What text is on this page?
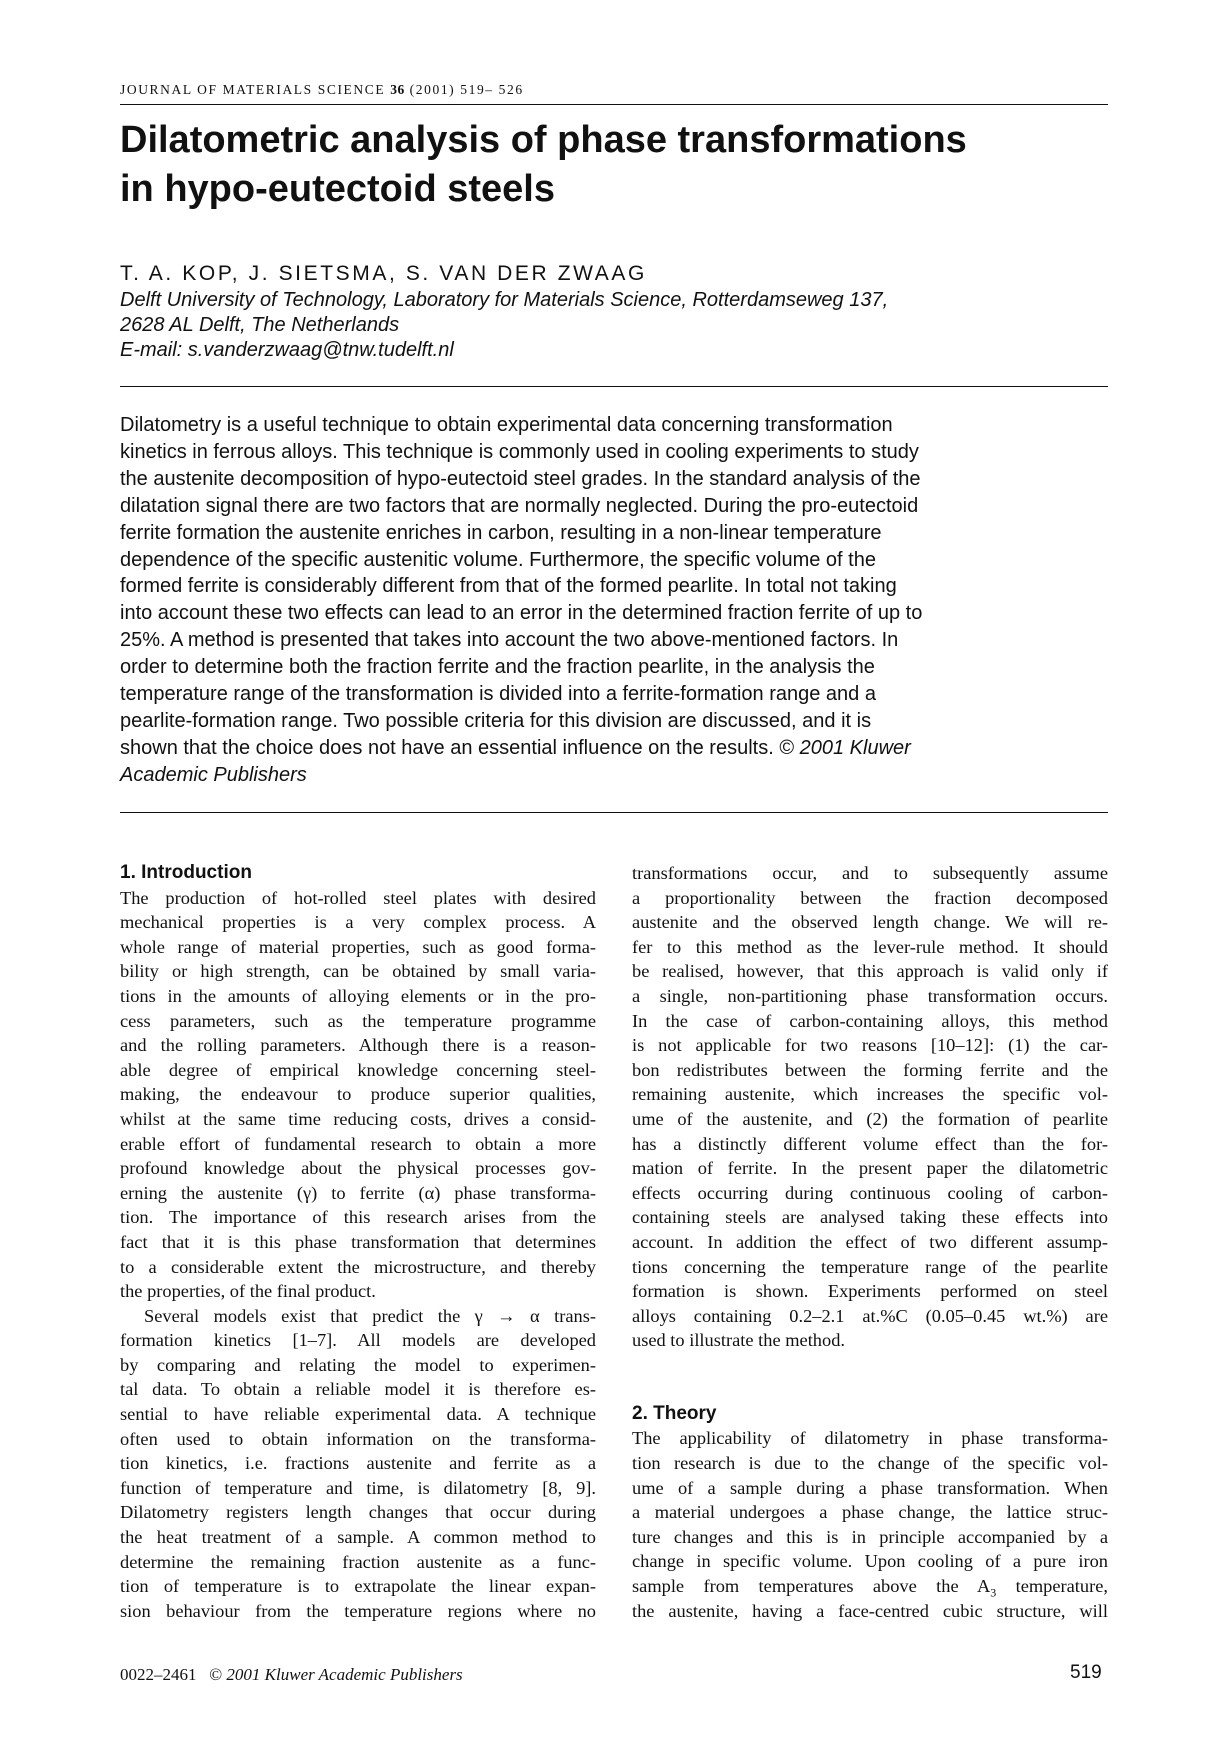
JOURNAL OF MATERIALS SCIENCE 36 (2001) 519– 526
Dilatometric analysis of phase transformations
in hypo-eutectoid steels
T. A. KOP, J. SIETSMA, S. VAN DER ZWAAG
Delft University of Technology, Laboratory for Materials Science, Rotterdamseweg 137,
2628 AL Delft, The Netherlands
E-mail: s.vanderzwaag@tnw.tudelft.nl
Dilatometry is a useful technique to obtain experimental data concerning transformation
kinetics in ferrous alloys. This technique is commonly used in cooling experiments to study
the austenite decomposition of hypo-eutectoid steel grades. In the standard analysis of the
dilatation signal there are two factors that are normally neglected. During the pro-eutectoid
ferrite formation the austenite enriches in carbon, resulting in a non-linear temperature
dependence of the specific austenitic volume. Furthermore, the specific volume of the
formed ferrite is considerably different from that of the formed pearlite. In total not taking
into account these two effects can lead to an error in the determined fraction ferrite of up to
25%. A method is presented that takes into account the two above-mentioned factors. In
order to determine both the fraction ferrite and the fraction pearlite, in the analysis the
temperature range of the transformation is divided into a ferrite-formation range and a
pearlite-formation range. Two possible criteria for this division are discussed, and it is
shown that the choice does not have an essential influence on the results. © 2001 Kluwer
Academic Publishers
1. Introduction
The production of hot-rolled steel plates with desired
mechanical properties is a very complex process. A
whole range of material properties, such as good forma-
bility or high strength, can be obtained by small varia-
tions in the amounts of alloying elements or in the pro-
cess parameters, such as the temperature programme
and the rolling parameters. Although there is a reason-
able degree of empirical knowledge concerning steel-
making, the endeavour to produce superior qualities,
whilst at the same time reducing costs, drives a consid-
erable effort of fundamental research to obtain a more
profound knowledge about the physical processes gov-
erning the austenite (γ) to ferrite (α) phase transforma-
tion. The importance of this research arises from the
fact that it is this phase transformation that determines
to a considerable extent the microstructure, and thereby
the properties, of the final product.
Several models exist that predict the γ → α trans-
formation kinetics [1–7]. All models are developed
by comparing and relating the model to experimen-
tal data. To obtain a reliable model it is therefore es-
sential to have reliable experimental data. A technique
often used to obtain information on the transforma-
tion kinetics, i.e. fractions austenite and ferrite as a
function of temperature and time, is dilatometry [8, 9].
Dilatometry registers length changes that occur during
the heat treatment of a sample. A common method to
determine the remaining fraction austenite as a func-
tion of temperature is to extrapolate the linear expan-
sion behaviour from the temperature regions where no
transformations occur, and to subsequently assume
a proportionality between the fraction decomposed
austenite and the observed length change. We will re-
fer to this method as the lever-rule method. It should
be realised, however, that this approach is valid only if
a single, non-partitioning phase transformation occurs.
In the case of carbon-containing alloys, this method
is not applicable for two reasons [10–12]: (1) the car-
bon redistributes between the forming ferrite and the
remaining austenite, which increases the specific vol-
ume of the austenite, and (2) the formation of pearlite
has a distinctly different volume effect than the for-
mation of ferrite. In the present paper the dilatometric
effects occurring during continuous cooling of carbon-
containing steels are analysed taking these effects into
account. In addition the effect of two different assump-
tions concerning the temperature range of the pearlite
formation is shown. Experiments performed on steel
alloys containing 0.2–2.1 at.%C (0.05–0.45 wt.%) are
used to illustrate the method.
2. Theory
The applicability of dilatometry in phase transforma-
tion research is due to the change of the specific vol-
ume of a sample during a phase transformation. When
a material undergoes a phase change, the lattice struc-
ture changes and this is in principle accompanied by a
change in specific volume. Upon cooling of a pure iron
sample from temperatures above the $A_3$ temperature,
the austenite, having a face-centred cubic structure, will
0022–2461 © 2001 Kluwer Academic Publishers	519
